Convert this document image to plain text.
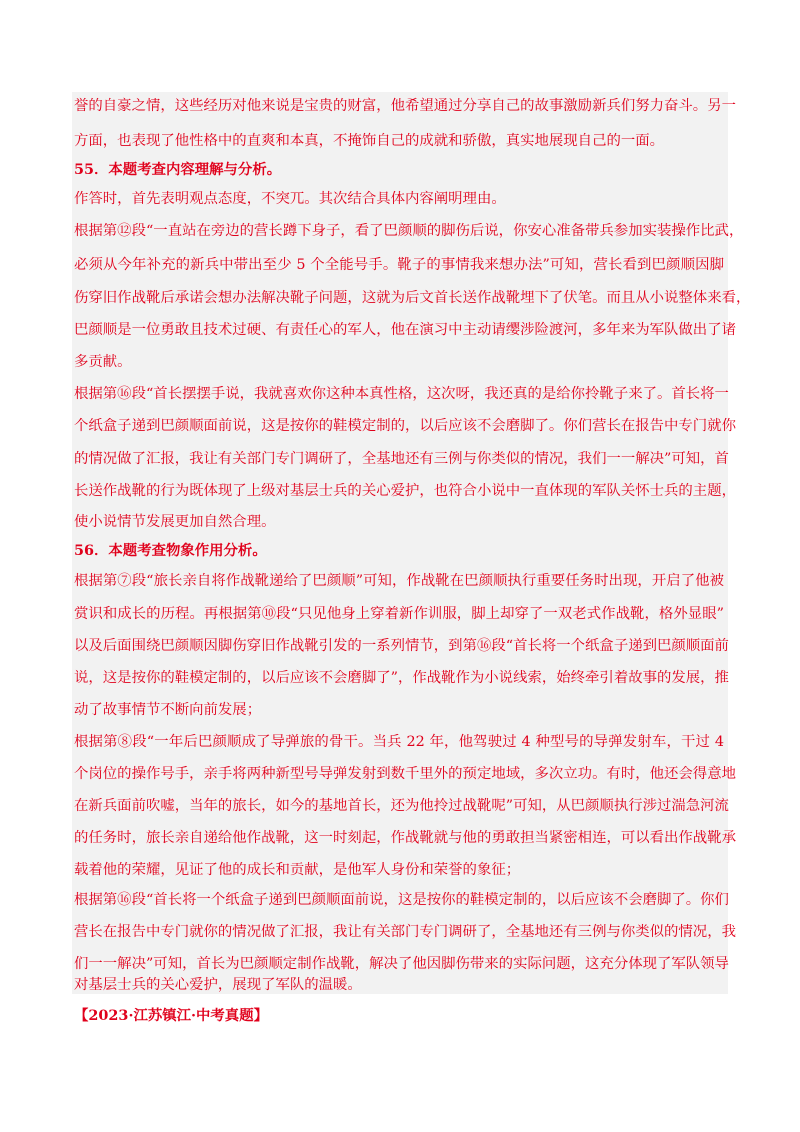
誉的自豪之情，这些经历对他来说是宝贵的财富，他希望通过分享自己的故事激励新兵们努力奋斗。另一
方面，也表现了他性格中的直爽和本真，不掩饰自己的成就和骄傲，真实地展现自己的一面。
55．本题考查内容理解与分析。
作答时，首先表明观点态度，不突兀。其次结合具体内容阐明理由。
根据第⑫段“一直站在旁边的营长蹲下身子，看了巴颜顺的脚伤后说，你安心准备带兵参加实装操作比武，
必须从今年补充的新兵中带出至少 5 个全能号手。靴子的事情我来想办法”可知，营长看到巴颜顺因脚
伤穿旧作战靴后承诺会想办法解决靴子问题，这就为后文首长送作战靴埋下了伏笔。而且从小说整体来看，
巴颜顺是一位勇敢且技术过硬、有责任心的军人，他在演习中主动请缨涉险渡河，多年来为军队做出了诸
多贡献。
根据第⑯段“首长摆摆手说，我就喜欢你这种本真性格，这次呀，我还真的是给你拎靴子来了。首长将一
个纸盒子递到巴颜顺面前说，这是按你的鞋模定制的，以后应该不会磨脚了。你们营长在报告中专门就你
的情况做了汇报，我让有关部门专门调研了，全基地还有三例与你类似的情况，我们一一解决”可知，首
长送作战靴的行为既体现了上级对基层士兵的关心爱护，也符合小说中一直体现的军队关怀士兵的主题，
使小说情节发展更加自然合理。
56．本题考查物象作用分析。
根据第⑦段“旅长亲自将作战靴递给了巴颜顺”可知，作战靴在巴颜顺执行重要任务时出现，开启了他被
赏识和成长的历程。再根据第⑩段“只见他身上穿着新作训服，脚上却穿了一双老式作战靴，格外显眼”
以及后面围绕巴颜顺因脚伤穿旧作战靴引发的一系列情节，到第⑯段“首长将一个纸盒子递到巴颜顺面前
说，这是按你的鞋模定制的，以后应该不会磨脚了”，作战靴作为小说线索，始终牵引着故事的发展，推
动了故事情节不断向前发展；
根据第⑧段“一年后巴颜顺成了导弹旅的骨干。当兵 22 年，他驾驶过 4 种型号的导弹发射车，干过 4
个岗位的操作号手，亲手将两种新型号导弹发射到数千里外的预定地域，多次立功。有时，他还会得意地
在新兵面前吹嘘，当年的旅长，如今的基地首长，还为他拎过战靴呢”可知，从巴颜顺执行涉过湍急河流
的任务时，旅长亲自递给他作战靴，这一时刻起，作战靴就与他的勇敢担当紧密相连，可以看出作战靴承
载着他的荣耀，见证了他的成长和贡献，是他军人身份和荣誉的象征；
根据第⑯段“首长将一个纸盒子递到巴颜顺面前说，这是按你的鞋模定制的，以后应该不会磨脚了。你们
营长在报告中专门就你的情况做了汇报，我让有关部门专门调研了，全基地还有三例与你类似的情况，我
们一一解决”可知，首长为巴颜顺定制作战靴，解决了他因脚伤带来的实际问题，这充分体现了军队领导
对基层士兵的关心爱护，展现了军队的温暖。
【2023·江苏镇江·中考真题】
